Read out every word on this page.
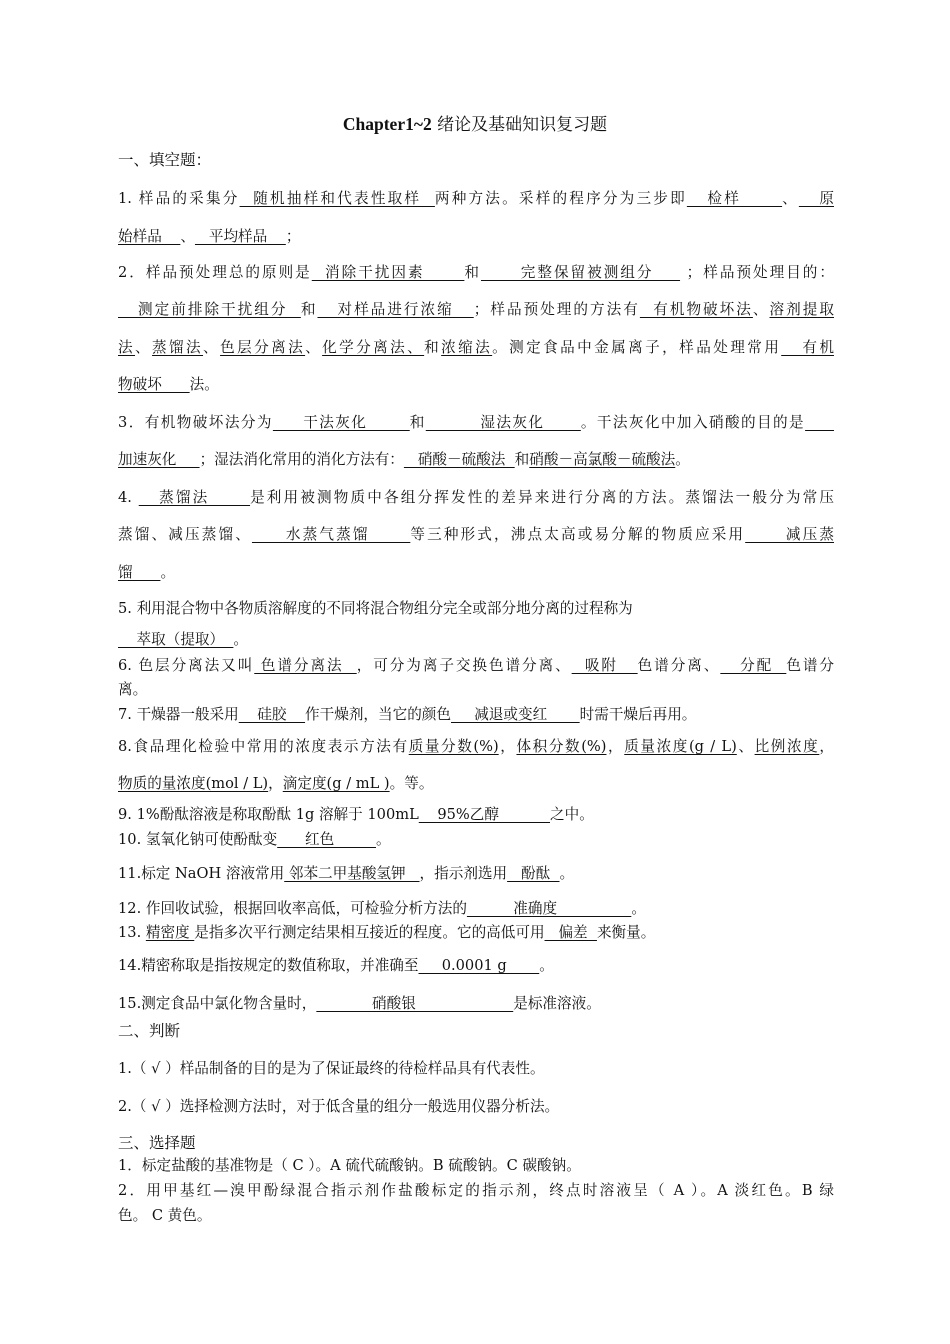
Chapter1~2 绪论及基础知识复习题
一、填空题：
1. 样品的采集分  随机抽样和代表性取样  两种方法。采样的程序分为三步即   检样      、   原
始样品    、   平均样品    ；
2．样品预处理总的原则是  消除干扰因素      和      完整保留被测组分     ；样品预处理目的：
测定前排除干扰组分  和   对样品进行浓缩   ；样品预处理的方法有  有机物破坏法、溶剂提取
法、蒸馏法、色层分离法、化学分离法、和浓缩法。测定食品中金属离子，样品处理常用   有机
物破坏      法。
3．有机物破坏法分为     干法灰化       和         湿法灰化      。干法灰化中加入硝酸的目的是
加速灰化     ；湿法消化常用的消化方法有：   硝酸－硫酸法  和硝酸－高氯酸－硫酸法。
4.    蒸馏法      是利用被测物质中各组分挥发性的差异来进行分离的方法。蒸馏法一般分为常压
蒸馏、减压蒸馏、     水蒸气蒸馏      等三种形式，沸点太高或易分解的物质应采用      减压蒸
馏      。
5. 利用混合物中各物质溶解度的不同将混合物组分完全或部分地分离的过程称为
萃取（提取）  。
6. 色层分离法又叫 色谱分离法  ，可分为离子交换色谱分离、  吸附   色谱分离、   分配  色谱分
离。
7. 干燥器一般采用    硅胶    作干燥剂，当它的颜色     减退或变红       时需干燥后再用。
8.食品理化检验中常用的浓度表示方法有质量分数(%)，体积分数(%)，质量浓度(g / L)、比例浓度，
物质的量浓度(mol / L)，滴定度(g / mL )。等。
9. 1%酚酞溶液是称取酚酞 1g 溶解于 100mL    95%乙醇           之中。
10. 氢氧化钠可使酚酞变      红色         。
11.标定 NaOH 溶液常用 邻苯二甲基酸氢钾   ，指示剂选用   酚酞  。
12. 作回收试验，根据回收率高低，可检验分析方法的          准确度                。
13. 精密度 是指多次平行测定结果相互接近的程度。它的高低可用   偏差  来衡量。
14.精密称取是指按规定的数值称取，并准确至     0.0001 g       。
15.测定食品中氯化物含量时，            硝酸银                     是标准溶液。
二、判断
1.（ √ ）样品制备的目的是为了保证最终的待检样品具有代表性。
2.（ √ ）选择检测方法时，对于低含量的组分一般选用仪器分析法。
三、选择题
1．标定盐酸的基准物是（ C ）。A 硫代硫酸钠。B 硫酸钠。C 碳酸钠。
2．用甲基红—溴甲酚绿混合指示剂作盐酸标定的指示剂，终点时溶液呈（ A ）。A 淡红色。B 绿
色。 C 黄色。
